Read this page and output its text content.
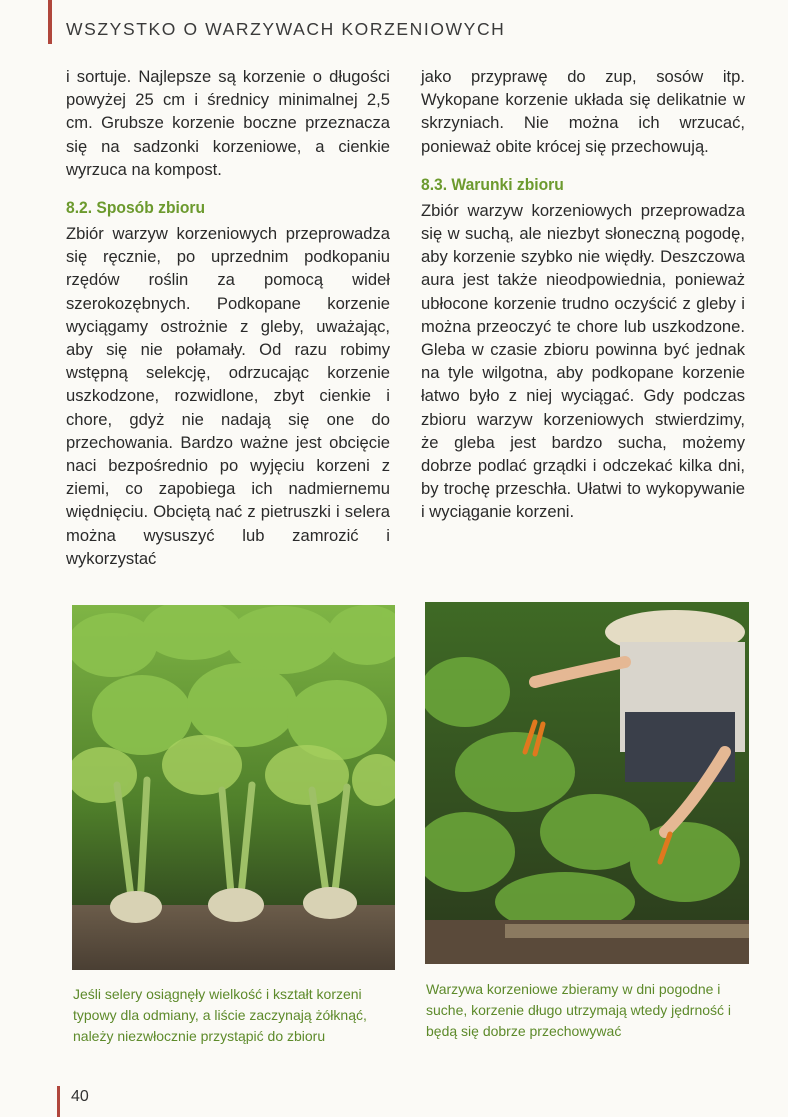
WSZYSTKO O WARZYWACH KORZENIOWYCH

i sortuje. Najlepsze są korzenie o długości powyżej 25 cm i średnicy minimalnej 2,5 cm. Grubsze korzenie boczne przeznacza się na sadzonki korzeniowe, a cienkie wyrzuca na kompost.

8.2. Sposób zbioru

Zbiór warzyw korzeniowych przeprowadza się ręcznie, po uprzednim podkopaniu rzędów roślin za pomocą wideł szerokozębnych. Podkopane korzenie wyciągamy ostrożnie z gleby, uważając, aby się nie połamały. Od razu robimy wstępną selekcję, odrzucając korzenie uszkodzone, rozwidlone, zbyt cienkie i chore, gdyż nie nadają się one do przechowania. Bardzo ważne jest obcięcie naci bezpośrednio po wyjęciu korzeni z ziemi, co zapobiega ich nadmiernemu więdnięciu. Obciętą nać z pietruszki i selera można wysuszyć lub zamrozić i wykorzystać

jako przyprawę do zup, sosów itp. Wykopane korzenie układa się delikatnie w skrzyniach. Nie można ich wrzucać, ponieważ obite krócej się przechowują.

8.3. Warunki zbioru

Zbiór warzyw korzeniowych przeprowadza się w suchą, ale niezbyt słoneczną pogodę, aby korzenie szybko nie więdły. Deszczowa aura jest także nieodpowiednia, ponieważ ubłocone korzenie trudno oczyścić z gleby i można przeoczyć te chore lub uszkodzone. Gleba w czasie zbioru powinna być jednak na tyle wilgotna, aby podkopane korzenie łatwo było z niej wyciągać. Gdy podczas zbioru warzyw korzeniowych stwierdzimy, że gleba jest bardzo sucha, możemy dobrze podlać grządki i odczekać kilka dni, by trochę przeschła. Ułatwi to wykopywanie i wyciąganie korzeni.

Jeśli selery osiągnęły wielkość i kształt korzeni typowy dla odmiany, a liście zaczynają żółknąć, należy niezwłocznie przystąpić do zbioru
Warzywa korzeniowe zbieramy w dni pogodne i suche, korzenie długo utrzymają wtedy jędrność i będą się dobrze przechowywać
40
